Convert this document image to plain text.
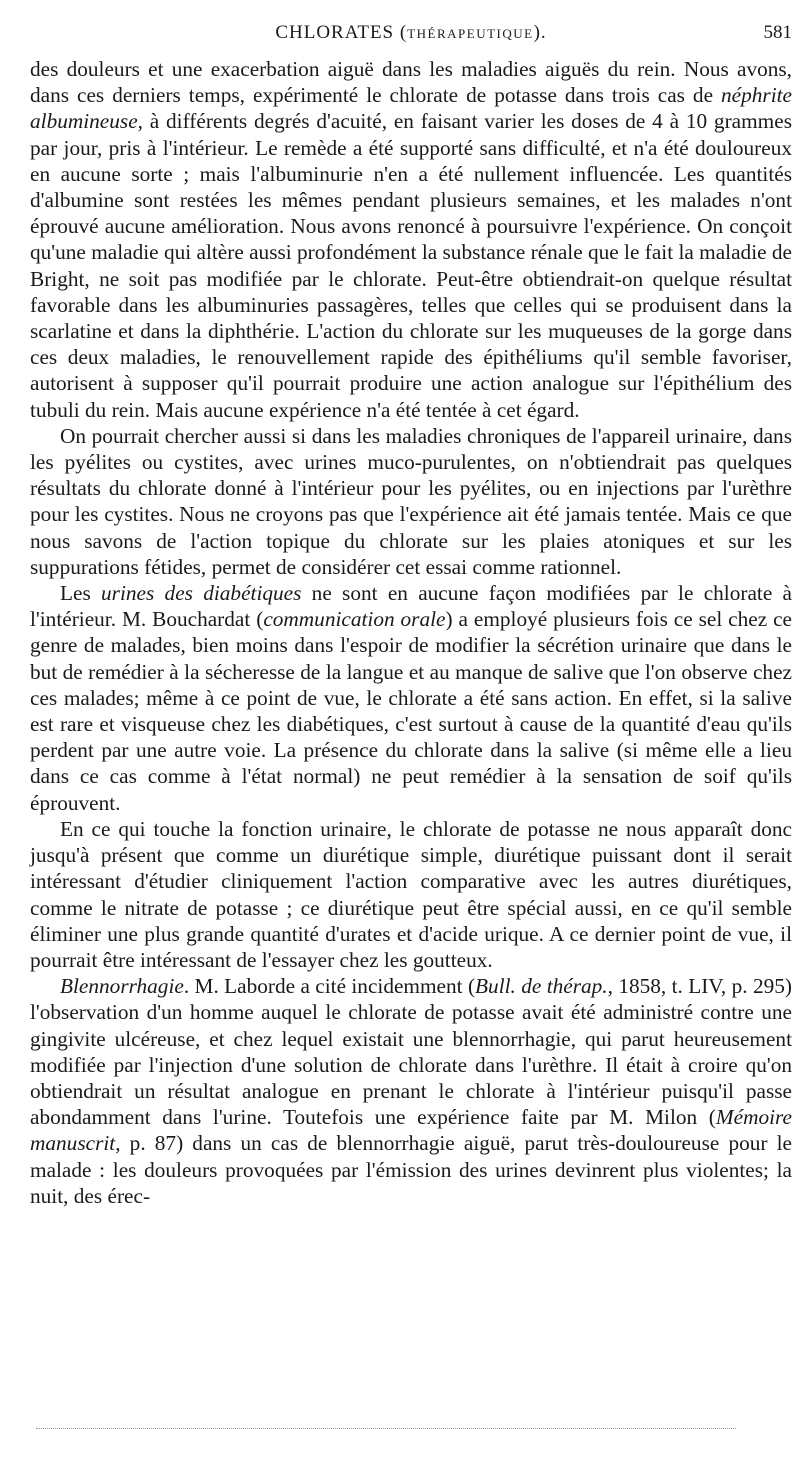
CHLORATES (THÉRAPEUTIQUE).	581

des douleurs et une exacerbation aiguë dans les maladies aiguës du rein. Nous avons, dans ces derniers temps, expérimenté le chlorate de potasse dans trois cas de néphrite albumineuse, à différents degrés d'acuité, en faisant varier les doses de 4 à 10 grammes par jour, pris à l'intérieur. Le remède a été supporté sans difficulté, et n'a été douloureux en aucune sorte ; mais l'albuminurie n'en a été nullement influencée. Les quantités d'albumine sont restées les mêmes pendant plusieurs semaines, et les malades n'ont éprouvé aucune amélioration. Nous avons renoncé à poursuivre l'expérience. On conçoit qu'une maladie qui altère aussi profondément la substance rénale que le fait la maladie de Bright, ne soit pas modifiée par le chlorate. Peut-être obtiendrait-on quelque résultat favorable dans les albuminuries passagères, telles que celles qui se produisent dans la scarlatine et dans la diphthérie. L'action du chlorate sur les muqueuses de la gorge dans ces deux maladies, le renouvellement rapide des épithéliums qu'il semble favoriser, autorisent à supposer qu'il pourrait produire une action analogue sur l'épithélium des tubuli du rein. Mais aucune expérience n'a été tentée à cet égard.

On pourrait chercher aussi si dans les maladies chroniques de l'appareil urinaire, dans les pyélites ou cystites, avec urines muco-purulentes, on n'obtiendrait pas quelques résultats du chlorate donné à l'intérieur pour les pyélites, ou en injections par l'urèthre pour les cystites. Nous ne croyons pas que l'expérience ait été jamais tentée. Mais ce que nous savons de l'action topique du chlorate sur les plaies atoniques et sur les suppurations fétides, permet de considérer cet essai comme rationnel.

Les urines des diabétiques ne sont en aucune façon modifiées par le chlorate à l'intérieur. M. Bouchardat (communication orale) a employé plusieurs fois ce sel chez ce genre de malades, bien moins dans l'espoir de modifier la sécrétion urinaire que dans le but de remédier à la sécheresse de la langue et au manque de salive que l'on observe chez ces malades; même à ce point de vue, le chlorate a été sans action. En effet, si la salive est rare et visqueuse chez les diabétiques, c'est surtout à cause de la quantité d'eau qu'ils perdent par une autre voie. La présence du chlorate dans la salive (si même elle a lieu dans ce cas comme à l'état normal) ne peut remédier à la sensation de soif qu'ils éprouvent.

En ce qui touche la fonction urinaire, le chlorate de potasse ne nous apparaît donc jusqu'à présent que comme un diurétique simple, diurétique puissant dont il serait intéressant d'étudier cliniquement l'action comparative avec les autres diurétiques, comme le nitrate de potasse ; ce diurétique peut être spécial aussi, en ce qu'il semble éliminer une plus grande quantité d'urates et d'acide urique. A ce dernier point de vue, il pourrait être intéressant de l'essayer chez les goutteux.

Blennorrhagie. M. Laborde a cité incidemment (Bull. de thérap., 1858, t. LIV, p. 295) l'observation d'un homme auquel le chlorate de potasse avait été administré contre une gingivite ulcéreuse, et chez lequel existait une blennorrhagie, qui parut heureusement modifiée par l'injection d'une solution de chlorate dans l'urèthre. Il était à croire qu'on obtiendrait un résultat analogue en prenant le chlorate à l'intérieur puisqu'il passe abondamment dans l'urine. Toutefois une expérience faite par M. Milon (Mémoire manuscrit, p. 87) dans un cas de blennorrhagie aiguë, parut très-douloureuse pour le malade : les douleurs provoquées par l'émission des urines devinrent plus violentes; la nuit, des érec-
